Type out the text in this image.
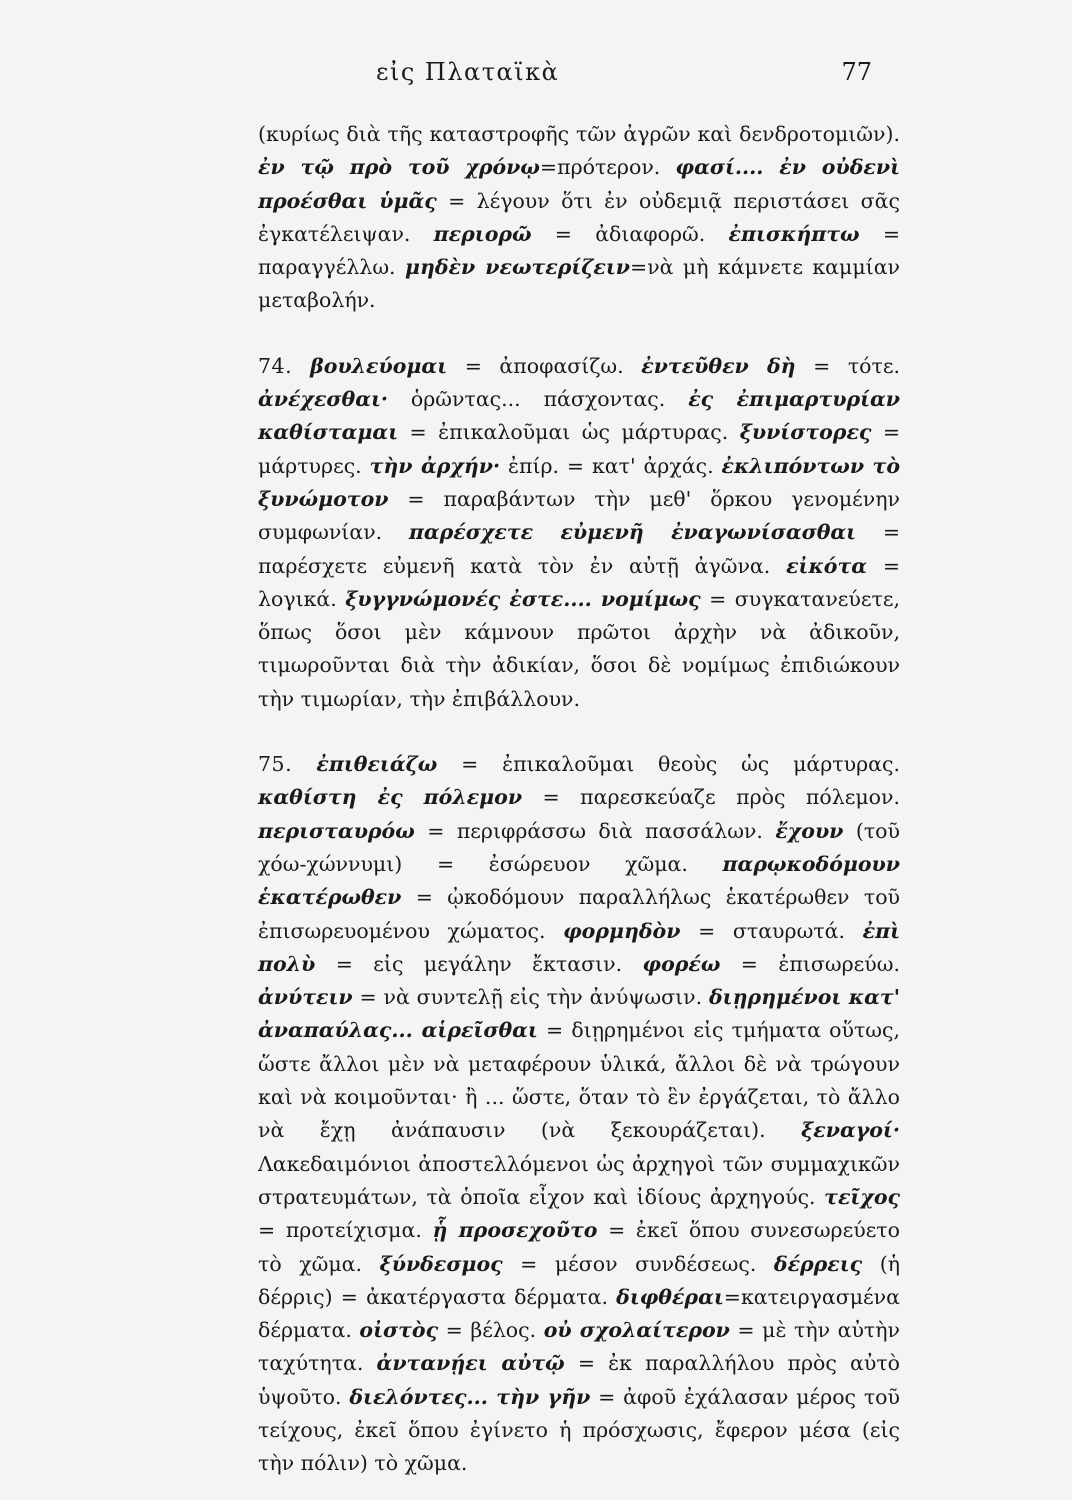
εἰς Πλαταϊκὰ	77

(κυρίως διὰ τῆς καταστροφῆς τῶν ἀγρῶν καὶ δενδροτομιῶν). ἐν τῷ πρὸ τοῦ χρόνῳ=πρότερον. φασί.... ἐν οὐδενὶ προέσθαι ὑμᾶς = λέγουν ὅτι ἐν οὐδεμιᾷ περιστάσει σᾶς ἐγκατέλειψαν. περιορῶ = ἀδιαφορῶ. ἐπισκήπτω = παραγγέλλω. μηδὲν νεωτερίζειν=νὰ μὴ κάμνετε καμμίαν μεταβολήν.

74. βουλεύομαι = ἀποφασίζω. ἐντεῦθεν δὴ = τότε. ἀνέχεσθαι· ὁρῶντας... πάσχοντας. ἐς ἐπιμαρτυρίαν καθίσταμαι = ἐπικαλοῦμαι ὡς μάρτυρας. ξυνίστορες = μάρτυρες. τὴν ἀρχήν· ἐπίρ. = κατ' ἀρχάς. ἐκλιπόντων τὸ ξυνώμοτον = παραβάντων τὴν μεθ' ὅρκου γενομένην συμφωνίαν. παρέσχετε εὐμενῆ ἐναγωνίσασθαι = παρέσχετε εὐμενῆ κατὰ τὸν ἐν αὐτῇ ἀγῶνα. εἰκότα = λογικά. ξυγγνώμονές ἐστε.... νομίμως = συγκατανεύετε, ὅπως ὅσοι μὲν κάμνουν πρῶτοι ἀρχὴν νὰ ἀδικοῦν, τιμωροῦνται διὰ τὴν ἀδικίαν, ὅσοι δὲ νομίμως ἐπιδιώκουν τὴν τιμωρίαν, τὴν ἐπιβάλλουν.

75. ἐπιθειάζω = ἐπικαλοῦμαι θεοὺς ὡς μάρτυρας. καθίστη ἐς πόλεμον = παρεσκεύαζε πρὸς πόλεμον. περισταυρόω = περιφράσσω διὰ πασσάλων. ἔχουν (τοῦ χόω-χώννυμι) = ἐσώρευον χῶμα. παρῳκοδόμουν ἑκατέρωθεν = ᾠκοδόμουν παραλλήλως ἑκατέρωθεν τοῦ ἐπισωρευομένου χώματος. φορμηδὸν = σταυρωτά. ἐπὶ πολὺ = εἰς μεγάλην ἔκτασιν. φορέω = ἐπισωρεύω. ἀνύτειν = νὰ συντελῇ εἰς τὴν ἀνύψωσιν. διῃρημένοι κατ' ἀναπαύλας... αἱρεῖσθαι = διῃρημένοι εἰς τμήματα οὕτως, ὥστε ἄλλοι μὲν νὰ μεταφέρουν ὑλικά, ἄλλοι δὲ νὰ τρώγουν καὶ νὰ κοιμοῦνται· ἢ ... ὥστε, ὅταν τὸ ἓν ἐργάζεται, τὸ ἄλλο νὰ ἔχῃ ἀνάπαυσιν (νὰ ξεκουράζεται). ξεναγοί· Λακεδαιμόνιοι ἀποστελλόμενοι ὡς ἀρχηγοὶ τῶν συμμαχικῶν στρατευμάτων, τὰ ὁποῖα εἶχον καὶ ἰδίους ἀρχηγούς. τεῖχος = προτείχισμα. ᾗ προσεχοῦτο = ἐκεῖ ὅπου συνεσωρεύετο τὸ χῶμα. ξύνδεσμος = μέσον συνδέσεως. δέρρεις (ἡ δέρρις) = ἀκατέργαστα δέρματα. διφθέραι=κατειργασμένα δέρματα. οἰστὸς = βέλος. οὐ σχολαίτερον = μὲ τὴν αὐτὴν ταχύτητα. ἀντανῄει αὐτῷ = ἐκ παραλλήλου πρὸς αὐτὸ ὑψοῦτο. διελόντες... τὴν γῆν = ἀφοῦ ἐχάλασαν μέρος τοῦ τείχους, ἐκεῖ ὅπου ἐγίνετο ἡ πρόσχωσις, ἔφερον μέσα (εἰς τὴν πόλιν) τὸ χῶμα.
